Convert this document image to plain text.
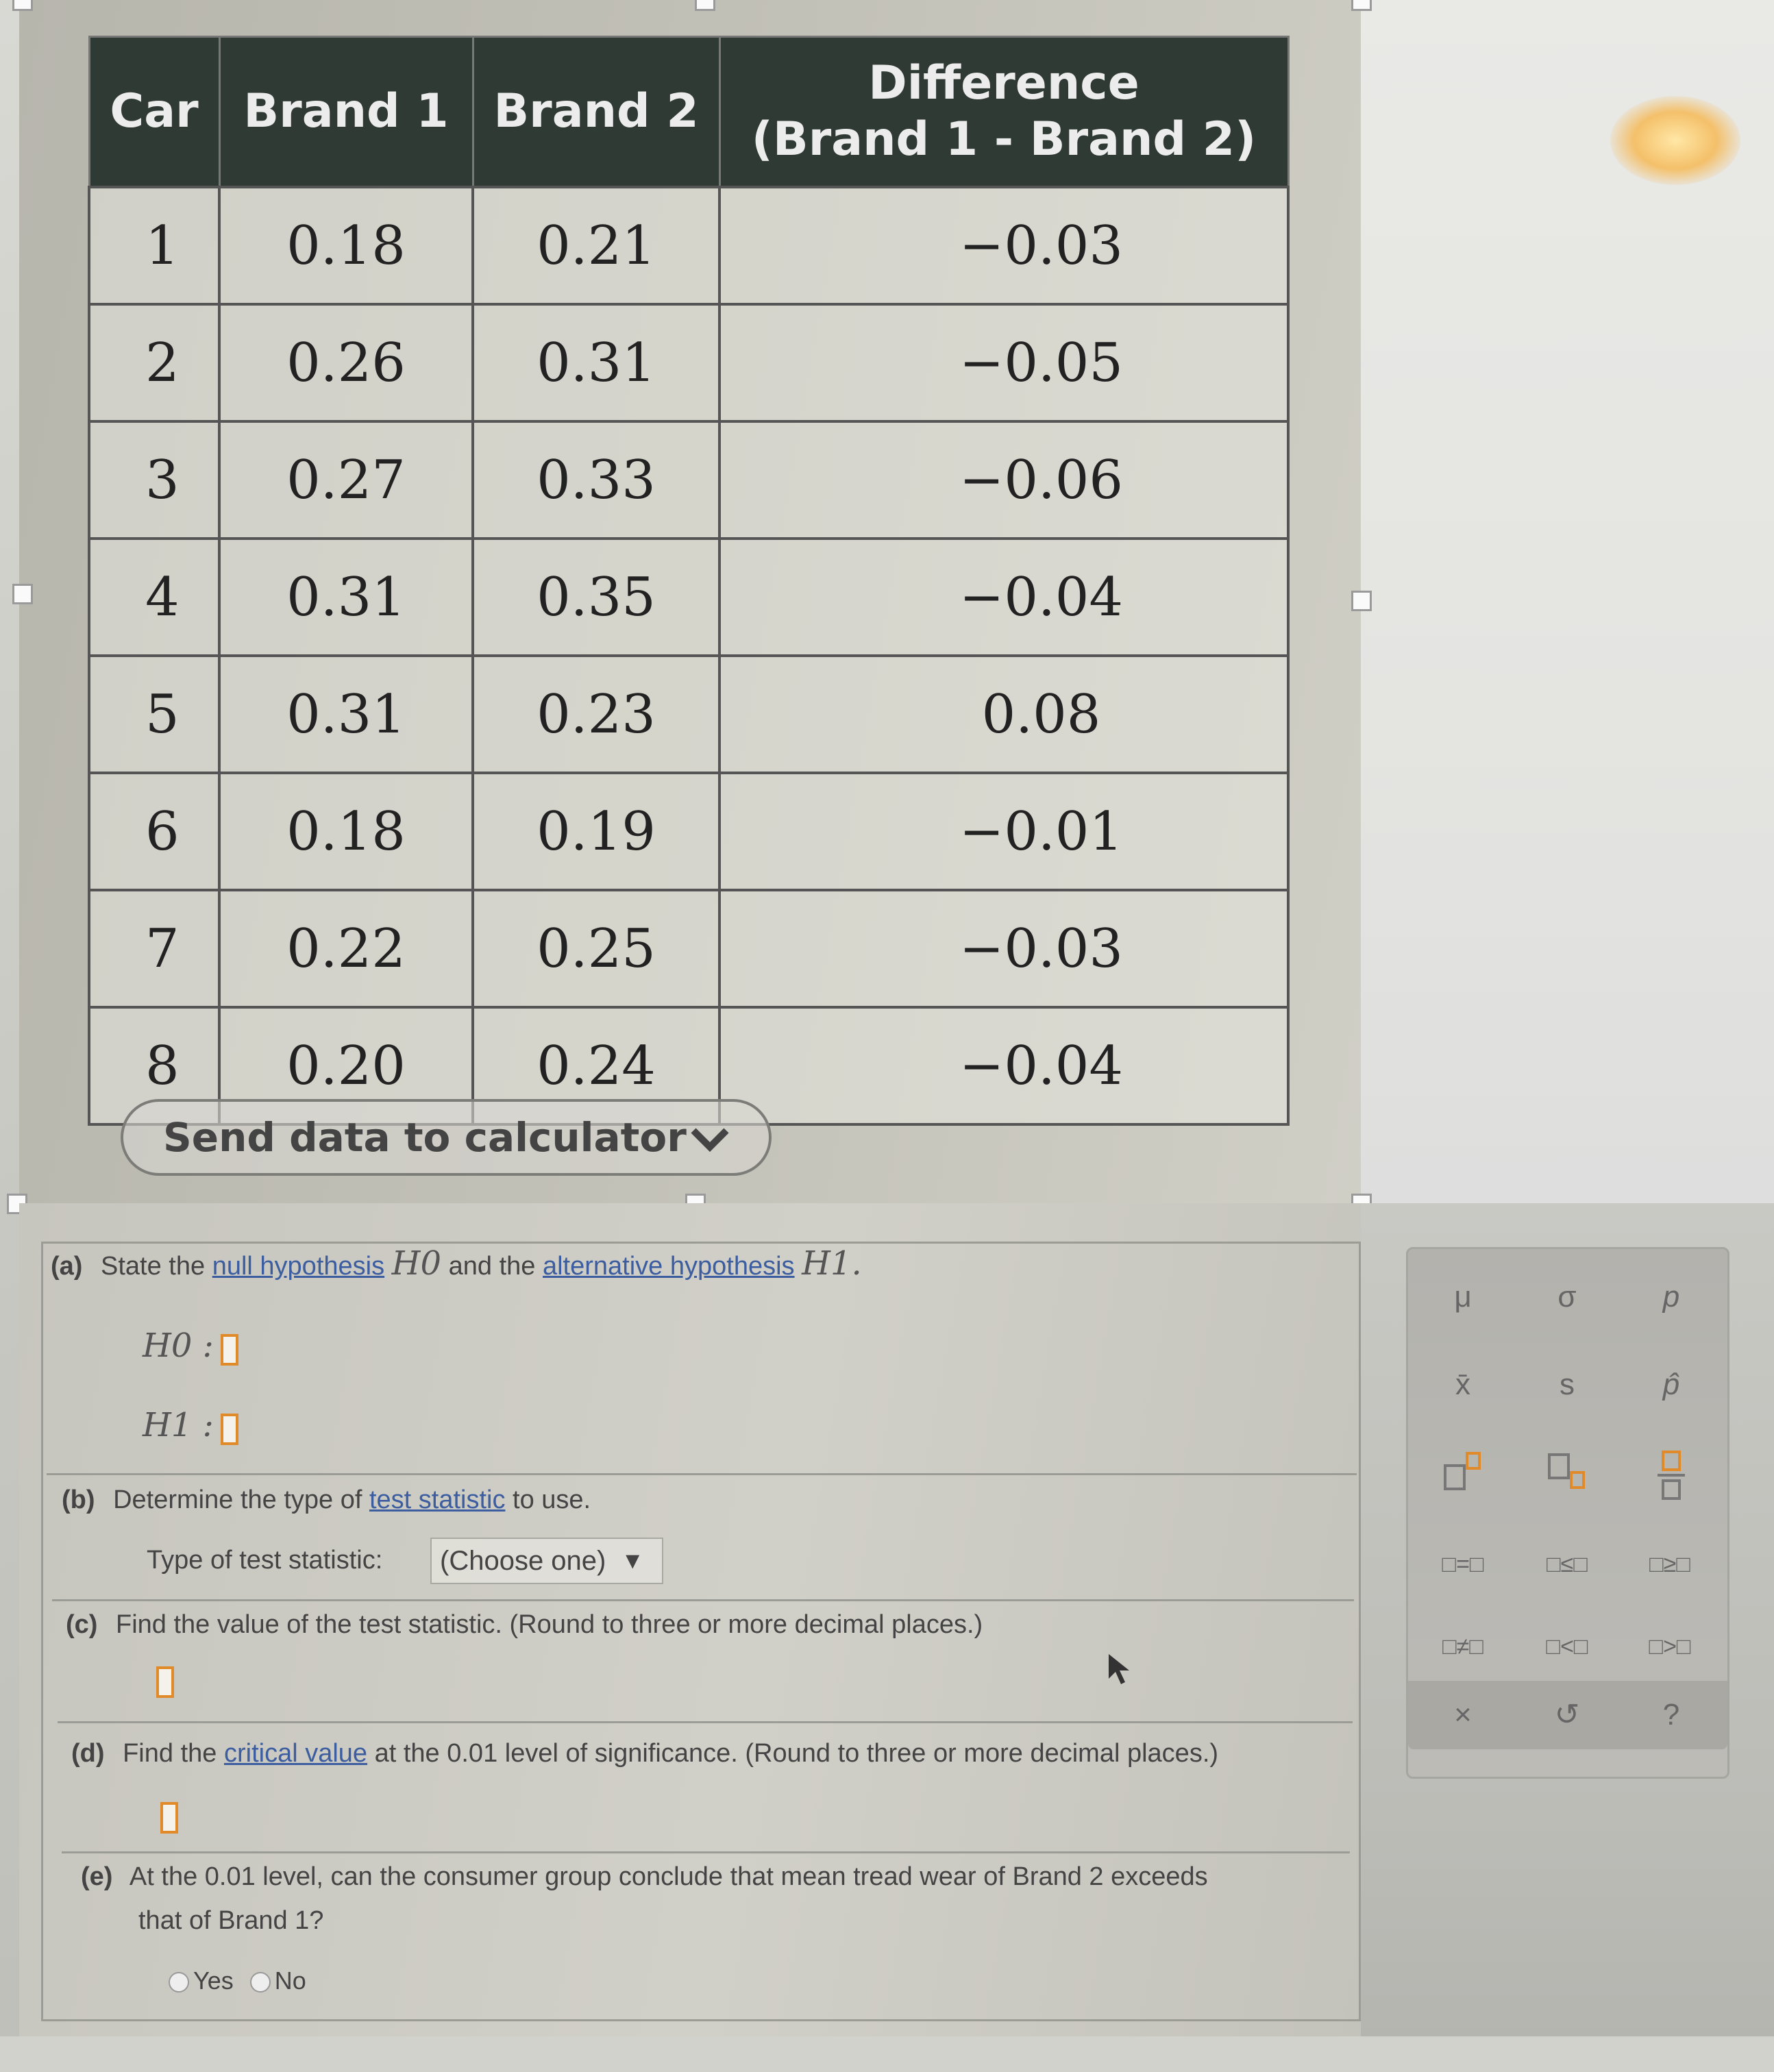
Car	Brand 1	Brand 2	Difference
(Brand 1 - Brand 2)
1	0.18	0.21	−0.03
2	0.26	0.31	−0.05
3	0.27	0.33	−0.06
4	0.31	0.35	−0.04
5	0.31	0.23	0.08
6	0.18	0.19	−0.01
7	0.22	0.25	−0.03
8	0.20	0.24	−0.04
Send data to calculator
(a) State the null hypothesis H0 and the alternative hypothesis H1.
H0 :
H1 :
(b) Determine the type of test statistic to use.
Type of test statistic: (Choose one) ▼
(c) Find the value of the test statistic. (Round to three or more decimal places.)
(d) Find the critical value at the 0.01 level of significance. (Round to three or more decimal places.)
(e) At the 0.01 level, can the consumer group conclude that mean tread wear of Brand 2 exceeds
that of Brand 1?
Yes No
μ	σ	p
x̄	s	p̂
□=□	□≤□	□≥□
□≠□	□<□	□>□
×	↺	?
